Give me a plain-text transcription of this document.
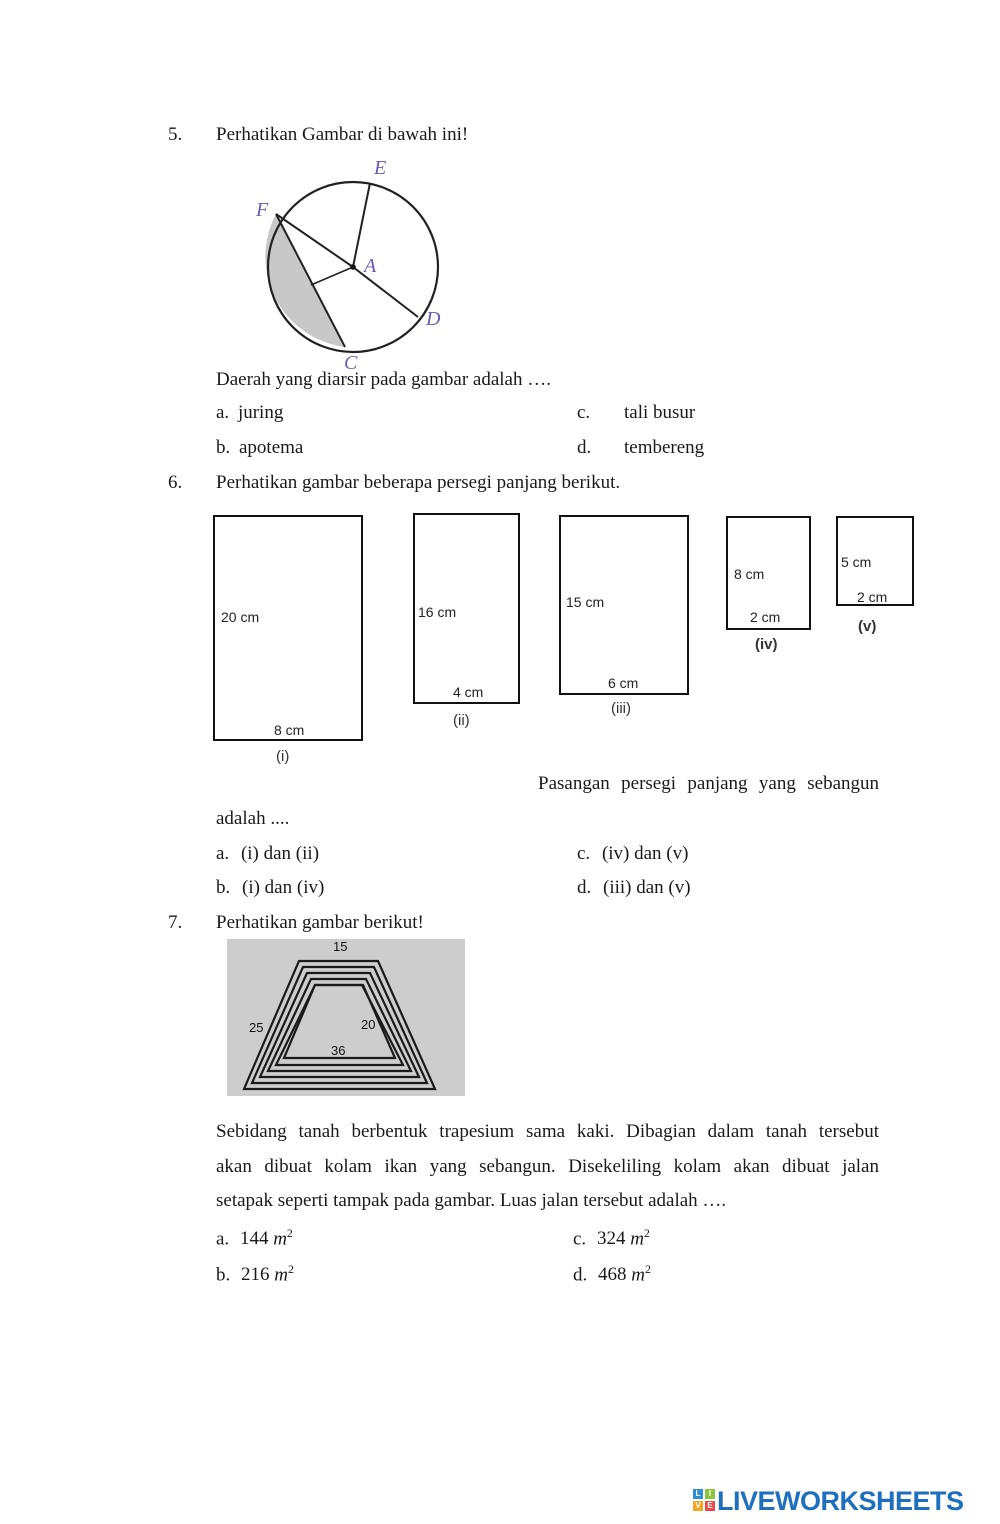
5. Perhatikan Gambar di bawah ini!
E
F
A
D
C
Daerah yang diarsir pada gambar adalah ….
a. juring
b. apotema
c. tali busur
d. tembereng
6. Perhatikan gambar beberapa persegi panjang berikut.
20 cm
8 cm
(i)
16 cm
4 cm
(ii)
15 cm
6 cm
(iii)
8 cm
2 cm
(iv)
5 cm
2 cm
(v)
Pasangan persegi panjang yang sebangun
adalah ....
a. (i) dan (ii)
b. (i) dan (iv)
c. (iv) dan (v)
d. (iii) dan (v)
7. Perhatikan gambar berikut!
15
25	20
36
Sebidang tanah berbentuk trapesium sama kaki. Dibagian dalam tanah tersebut
akan dibuat kolam ikan yang sebangun. Disekeliling kolam akan dibuat jalan
setapak seperti tampak pada gambar. Luas jalan tersebut adalah ….
a. 144 $m^2$
b. 216 $m^2$
c. 324 $m^2$
d. 468 $m^2$
L	I
V E LIVEWORKSHEETS
